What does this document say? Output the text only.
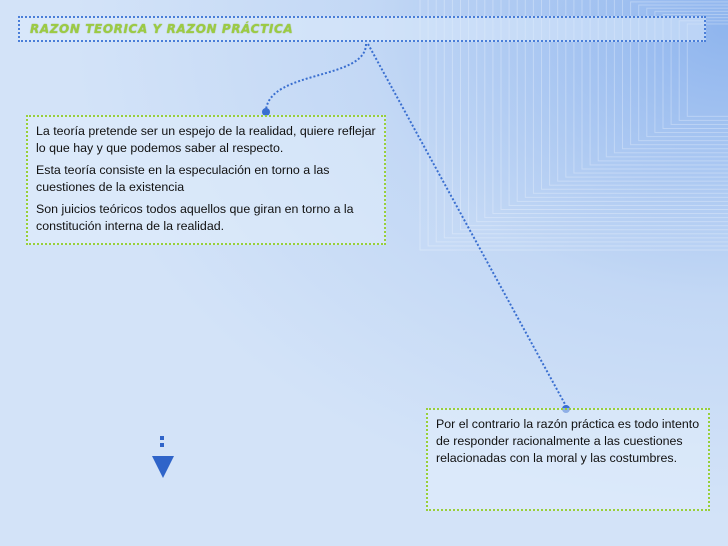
RAZON TEORICA Y RAZON PRÁCTICA

La teoría pretende ser un espejo de la realidad, quiere reflejar lo que hay y que podemos saber al respecto.

Esta teoría consiste en la especulación en torno a las cuestiones de la existencia

Son juicios teóricos todos aquellos que giran en torno a la constitución interna de la realidad.

Por el contrario la razón práctica es todo intento de responder racionalmente a las cuestiones relacionadas con la moral y las costumbres.
